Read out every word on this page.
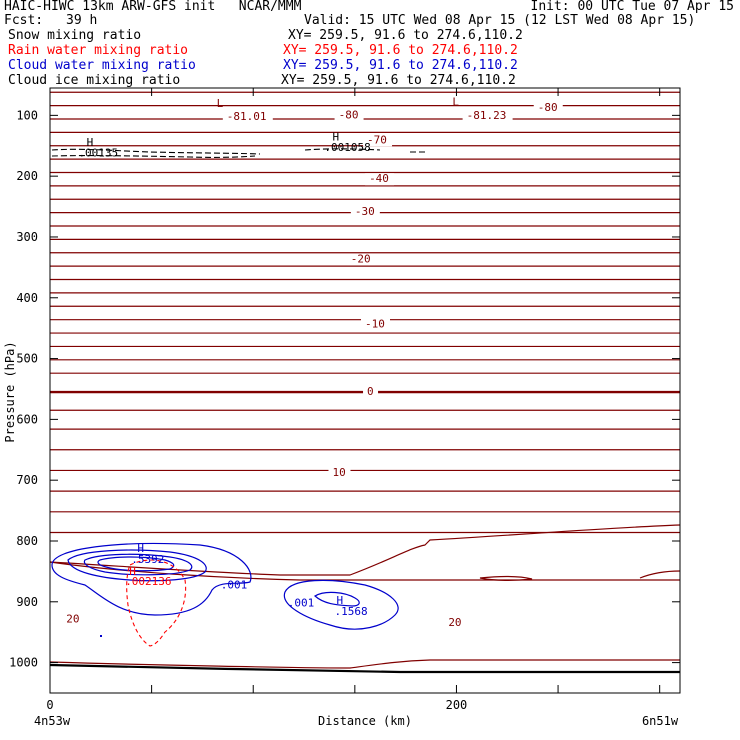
HAIC-HIWC 13km ARW-GFS init   NCAR/MMM	Init: 00 UTC Tue 07 Apr 15
Fcst: 39 h	Valid: 15 UTC Wed 08 Apr 15 (12 LST Wed 08 Apr 15)
Snow mixing ratio	XY= 259.5, 91.6 to 274.6,110.2
Rain water mixing ratio	XY= 259.5, 91.6 to 274.6,110.2
Cloud water mixing ratio	XY= 259.5, 91.6 to 274.6,110.2
Cloud ice mixing ratio	XY= 259.5, 91.6 to 274.6,110.2
100
200
300
400
500
600
700
800
900
1000
0	200
-81.01	-80
-70
-81.23
-80
-40
-30
-20
-10
0
10
20	20
L	L
H
.00135
H
.001058
H
.5392
H
.002136	.001
.001 H
.1568
Distance (km)
4n53w	6n51w
Pressure (hPa)
